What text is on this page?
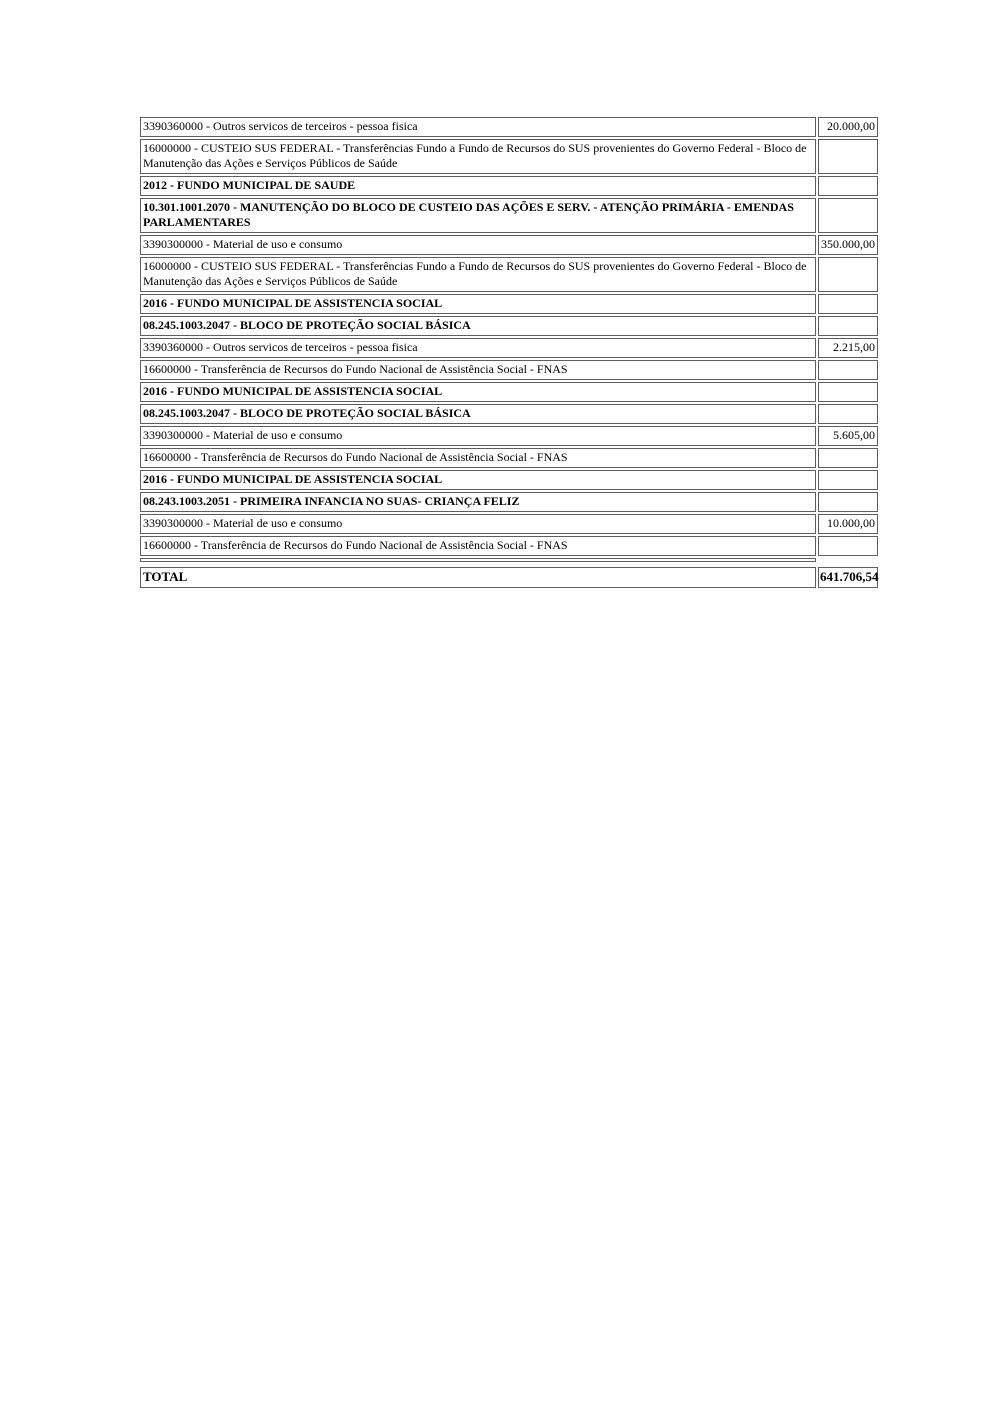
3390360000 - Outros servicos de terceiros - pessoa fisica	20.000,00
16000000 - CUSTEIO SUS FEDERAL - Transferências Fundo a Fundo de Recursos do SUS provenientes do Governo Federal - Bloco de Manutenção das Ações e Serviços Públicos de Saúde
2012 - FUNDO MUNICIPAL DE SAUDE
10.301.1001.2070 - MANUTENÇÃO DO BLOCO DE CUSTEIO DAS AÇÕES E SERV. - ATENÇÃO PRIMÁRIA - EMENDAS PARLAMENTARES
3390300000 - Material de uso e consumo	350.000,00
16000000 - CUSTEIO SUS FEDERAL - Transferências Fundo a Fundo de Recursos do SUS provenientes do Governo Federal - Bloco de Manutenção das Ações e Serviços Públicos de Saúde
2016 - FUNDO MUNICIPAL DE ASSISTENCIA SOCIAL
08.245.1003.2047 - BLOCO DE PROTEÇÃO SOCIAL BÁSICA
3390360000 - Outros servicos de terceiros - pessoa fisica	2.215,00
16600000 - Transferência de Recursos do Fundo Nacional de Assistência Social - FNAS
2016 - FUNDO MUNICIPAL DE ASSISTENCIA SOCIAL
08.245.1003.2047 - BLOCO DE PROTEÇÃO SOCIAL BÁSICA
3390300000 - Material de uso e consumo	5.605,00
16600000 - Transferência de Recursos do Fundo Nacional de Assistência Social - FNAS
2016 - FUNDO MUNICIPAL DE ASSISTENCIA SOCIAL
08.243.1003.2051 - PRIMEIRA INFANCIA NO SUAS- CRIANÇA FELIZ
3390300000 - Material de uso e consumo	10.000,00
16600000 - Transferência de Recursos do Fundo Nacional de Assistência Social - FNAS
TOTAL	641.706,54
